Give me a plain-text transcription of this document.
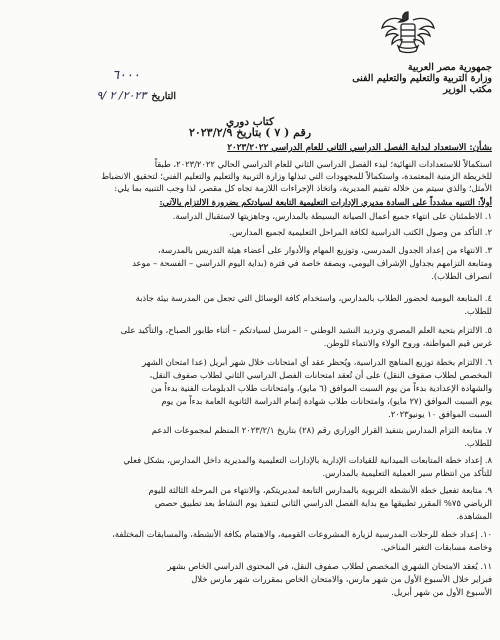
جمهورية مصر العربية
وزارة التربية والتعليم والتعليم الفنى
مكتب الوزير
٦٠٠٠
التاريخ ٢٠٢٣/ ٢ /٩
كتاب دوري
رقم ( ٧ ) بتاريخ ٢٠٢٣/٢/٩
بشأن: الاستعداد لبداية الفصل الدراسي الثاني للعام الدراسي ٢٠٢٣/٢٠٢٢
استكمالاً للاستعدادات النهائية؛ لبدء الفصل الدراسي الثاني للعام الدراسي الحالي ٢٠٢٣/٢٠٢٢، طبقاً
للخريطة الزمنية المعتمدة، واستكمالاً للمجهودات التي تبذلها وزارة التربية والتعليم والتعليم الفني؛ لتحقيق الانضباط
الأمثل؛ والذي سيتم من خلاله تقييم المديرية، واتخاذ الإجراءات اللازمة تجاه كل مقصر، لذا وجب التنبيه بما يلي:
أولاً: التنبيه مشدداً على السادة مديري الإدارات التعليمية التابعة لسيادتكم بضرورة الالتزام بالآتي:
١. الاطمئنان على انتهاء جميع أعمال الصيانة البسيطة بالمدارس، وجاهزيتها لاستقبال الدراسة.
٢. التأكد من وصول الكتب الدراسية لكافة المراحل التعليمية لجميع المدارس.
٣. الانتهاء من إعداد الجدول المدرسي، وتوزيع المهام والأدوار على أعضاء هيئة التدريس بالمدرسة،
ومتابعة التزامهم بجداول الإشراف اليومي، وبصفة خاصة في فترة (بداية اليوم الدراسي – الفسحة – موعد
انصراف الطلاب).
٤. المتابعة اليومية لحضور الطلاب بالمدارس، واستخدام كافة الوسائل التي تجعل من المدرسة بيئة جاذبة
للطلاب.
٥. الالتزام بتحية العلم المصري وترديد النشيد الوطني – المرسل لسيادتكم – أثناء طابور الصباح، والتأكيد على
غرس قيم المواطنة، وروح الولاء والانتماء للوطن.
٦. الالتزام بخطة توزيع المناهج الدراسية، ويُحظر عقد أي امتحانات خلال شهر أبريل (عدا امتحان الشهر
المخصص لطلاب صفوف النقل) على أن تُعقد امتحانات الفصل الدراسي الثاني لطلاب صفوف النقل،
والشهادة الإعدادية بدءاً من يوم السبت الموافق (٦ مايو)، وامتحانات طلاب الدبلومات الفنية بدءاً من
يوم السبت الموافق (٢٧ مايو)، وامتحانات طلاب شهادة إتمام الدراسة الثانوية العامة بدءاً من يوم
السبت الموافق ١٠ يونيو٢٠٢٣.
٧. متابعة التزام المدارس بتنفيذ القرار الوزاري رقم (٢٨) بتاريخ ٢٠٢٣/٢/١ المنظم لمجموعات الدعم
للطلاب.
٨. إعداد خطة المتابعات الميدانية للقيادات الإدارية بالإدارات التعليمية والمديرية داخل المدارس، بشكل فعلي
للتأكد من انتظام سير العملية التعليمية بالمدارس.
٩. متابعة تفعيل خطة الأنشطة التربوية بالمدارس التابعة لمديريتكم، والانتهاء من المرحلة الثالثة لليوم
الرياضي ٧٥% المقرر تطبيقها مع بداية الفصل الدراسي الثاني لتنفيذ يوم النشاط بعد تطبيق حصص
المشاهدة.
١٠. إعداد خطة للرحلات المدرسية لزيارة المشروعات القومية، والاهتمام بكافة الأنشطة، والمسابقات المختلفة،
وخاصة مسابقات التغير المناخي.
١١. يُعقد الامتحان الشهري المخصص لطلاب صفوف النقل، في المحتوى الدراسي الخاص بشهر
فبراير خلال الأسبوع الأول من شهر مارس، والامتحان الخاص بمقررات شهر مارس خلال
الأسبوع الأول من شهر أبريل.
